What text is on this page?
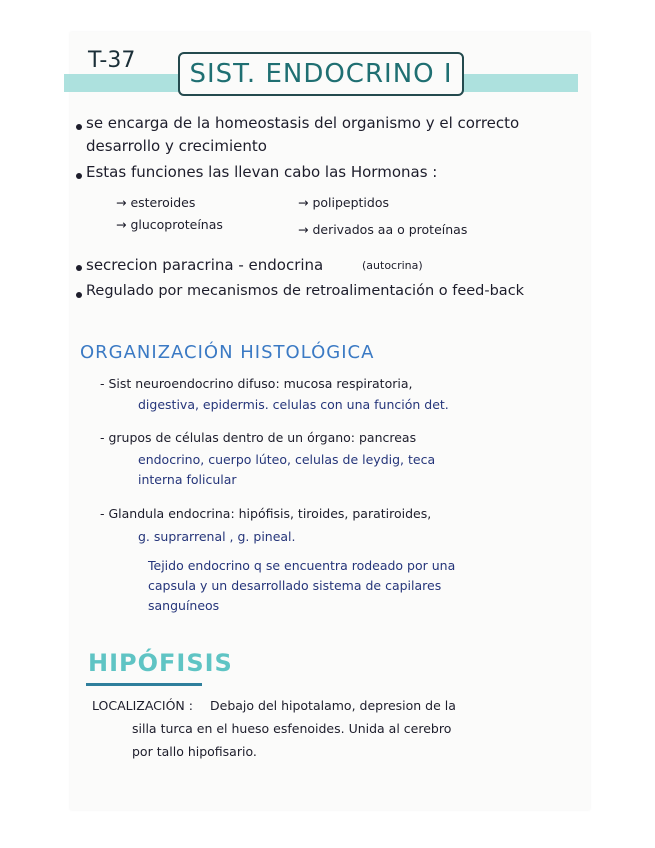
T-37 SIST. ENDOCRINO I
se encarga de la homeostasis del organismo y el correcto
desarrollo y crecimiento
Estas funciones las llevan cabo las Hormonas :
→ esteroides
→ glucoproteínas
→ polipeptidos
→ derivados aa o proteínas
secrecion paracrina - endocrina	(autocrina)
Regulado por mecanismos de retroalimentación o feed-back
ORGANIZACIÓN HISTOLÓGICA
- Sist neuroendocrino difuso: mucosa respiratoria,
digestiva, epidermis. celulas con una función det.
- grupos de células dentro de un órgano: pancreas
endocrino, cuerpo lúteo, celulas de leydig, teca
interna folicular
- Glandula endocrina: hipófisis, tiroides, paratiroides,
g. suprarrenal , g. pineal.
Tejido endocrino q se encuentra rodeado por una
capsula y un desarrollado sistema de capilares
sanguíneos
HIPÓFISIS
LOCALIZACIÓN : Debajo del hipotalamo, depresion de la
silla turca en el hueso esfenoides. Unida al cerebro
por tallo hipofisario.
